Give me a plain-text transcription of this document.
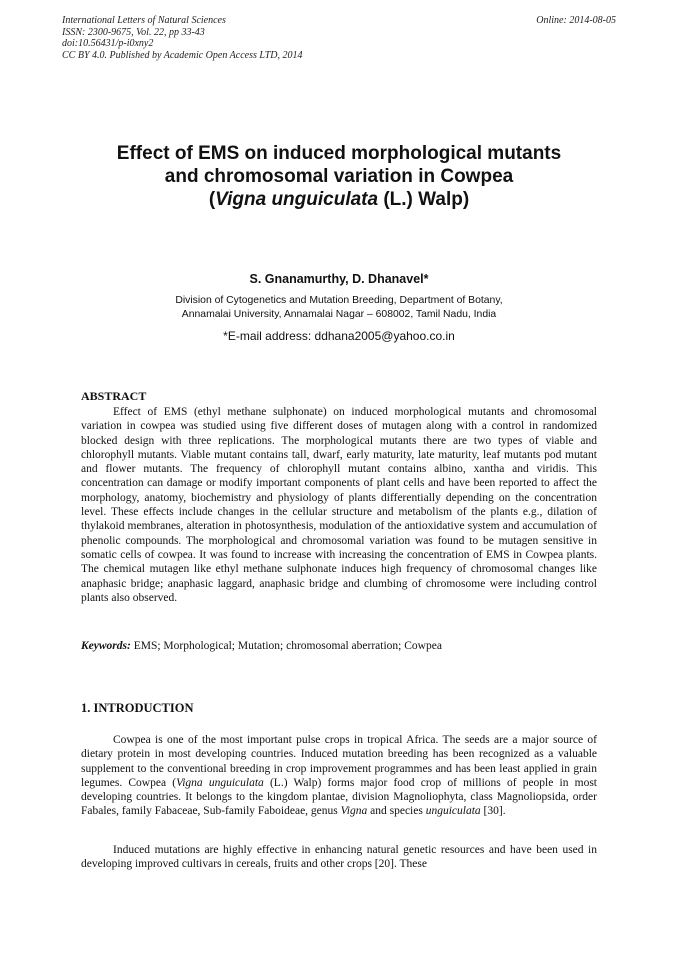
International Letters of Natural Sciences
ISSN: 2300-9675, Vol. 22, pp 33-43
doi:10.56431/p-i0xny2
CC BY 4.0. Published by Academic Open Access LTD, 2014
Online: 2014-08-05
Effect of EMS on induced morphological mutants
and chromosomal variation in Cowpea
(Vigna unguiculata (L.) Walp)
S. Gnanamurthy, D. Dhanavel*
Division of Cytogenetics and Mutation Breeding, Department of Botany,
Annamalai University, Annamalai Nagar – 608002, Tamil Nadu, India
*E-mail address: ddhana2005@yahoo.co.in
ABSTRACT

Effect of EMS (ethyl methane sulphonate) on induced morphological mutants and chromosomal variation in cowpea was studied using five different doses of mutagen along with a control in randomized blocked design with three replications. The morphological mutants there are two types of viable and chlorophyll mutants. Viable mutant contains tall, dwarf, early maturity, late maturity, leaf mutants pod mutant and flower mutants. The frequency of chlorophyll mutant contains albino, xantha and viridis. This concentration can damage or modify important components of plant cells and have been reported to affect the morphology, anatomy, biochemistry and physiology of plants differentially depending on the concentration level. These effects include changes in the cellular structure and metabolism of the plants e.g., dilation of thylakoid membranes, alteration in photosynthesis, modulation of the antioxidative system and accumulation of phenolic compounds. The morphological and chromosomal variation was found to be mutagen sensitive in somatic cells of cowpea. It was found to increase with increasing the concentration of EMS in Cowpea plants. The chemical mutagen like ethyl methane sulphonate induces high frequency of chromosomal changes like anaphasic bridge; anaphasic laggard, anaphasic bridge and clumbing of chromosome were including control plants also observed.

Keywords: EMS; Morphological; Mutation; chromosomal aberration; Cowpea
1. INTRODUCTION

Cowpea is one of the most important pulse crops in tropical Africa. The seeds are a major source of dietary protein in most developing countries. Induced mutation breeding has been recognized as a valuable supplement to the conventional breeding in crop improvement programmes and has been least applied in grain legumes. Cowpea (Vigna unguiculata (L.) Walp) forms major food crop of millions of people in most developing countries. It belongs to the kingdom plantae, division Magnoliophyta, class Magnoliopsida, order Fabales, family Fabaceae, Sub-family Faboideae, genus Vigna and species unguiculata [30].

Induced mutations are highly effective in enhancing natural genetic resources and have been used in developing improved cultivars in cereals, fruits and other crops [20]. These
